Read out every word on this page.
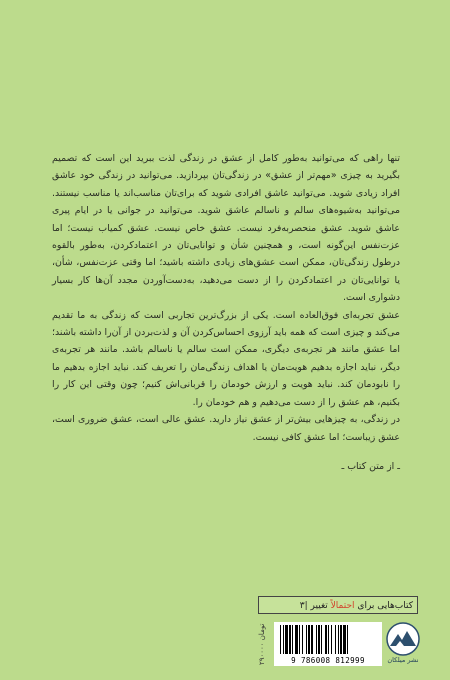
تنها راهی که می‌توانید به‌طور کامل از عشق در زندگی لذت ببرید این است که تصمیم بگیرید به چیزی «مهم‌تر از عشق» در زندگی‌تان بپردازید. می‌توانید در زندگی خود عاشق افراد زیادی شوید. می‌توانید عاشق افرادی شوید که برای‌تان مناسب‌اند یا مناسب نیستند. می‌توانید به‌شیوه‌های سالم و ناسالم عاشق شوید. می‌توانید در جوانی یا در ایام پیری عاشق شوید. عشق منحصربه‌فرد نیست. عشق خاص نیست. عشق کمیاب نیست؛ اما عزت‌نفس این‌گونه است، و همچنین شأن و توانایی‌تان در اعتمادکردن، به‌طور بالقوه در‌طول زندگی‌تان، ممکن است عشق‌های زیادی داشته باشید؛ اما وقتی عزت‌نفس، شأن، یا توانایی‌تان در اعتمادکردن را از دست می‌دهید، به‌دست‌آوردن مجدد آن‌ها کار بسیار دشواری است.

عشق تجربه‌ای فوق‌العاده است. یکی از بزرگ‌ترین تجاربی است که زندگی به ما تقدیم می‌کند و چیزی است که همه باید آرزوی احساس‌کردن آن و لذت‌بردن از آن‌را داشته باشند؛ اما عشق مانند هر تجربه‌ی دیگری، ممکن است سالم یا ناسالم باشد. مانند هر تجربه‌ی دیگر، نباید اجازه بدهیم هویت‌مان یا اهداف زندگی‌مان را تعریف کند. نباید اجازه بدهیم ما را نابودمان کند. نباید هویت و ارزش خودمان را قربانی‌اش کنیم؛ چون وقتی این کار را بکنیم، هم عشق را از دست می‌دهیم و هم خودمان را.

در زندگی، به چیزهایی بیش‌تر از عشق نیاز دارید. عشق عالی است، عشق ضروری است، عشق زیباست؛ اما عشق کافی نیست.

ـ از متن کتاب ـ

کتاب‌هایی برای احتمالاً تغییر |۳
۲۹۰۰۰۰ تومان
9 786008 812999	نشر میلکان
